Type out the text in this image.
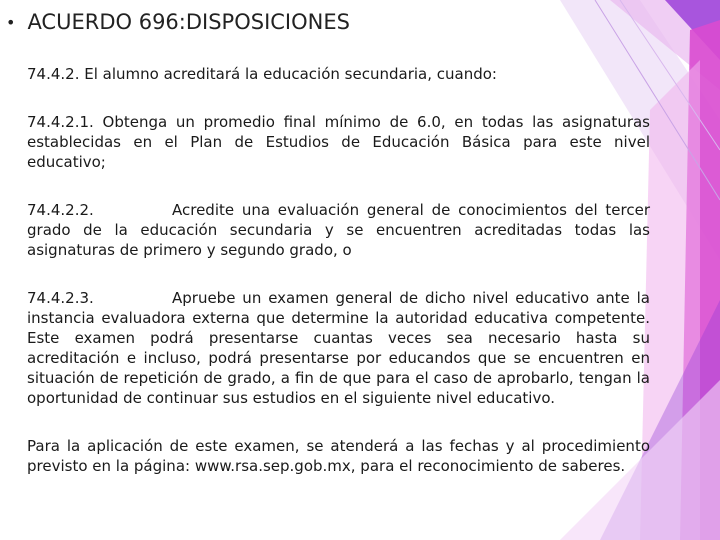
• ACUERDO 696:DISPOSICIONES

74.4.2. El alumno acreditará la educación secundaria, cuando:

74.4.2.1. Obtenga un promedio final mínimo de 6.0, en todas las asignaturas establecidas en el Plan de Estudios de Educación Básica para este nivel educativo;

74.4.2.2.	Acredite una evaluación general de conocimientos del tercer grado de la educación secundaria y se encuentren acreditadas todas las asignaturas de primero y segundo grado, o

74.4.2.3.	Apruebe un examen general de dicho nivel educativo ante la instancia evaluadora externa que determine la autoridad educativa competente. Este examen podrá presentarse cuantas veces sea necesario hasta su acreditación e incluso, podrá presentarse por educandos que se encuentren en situación de repetición de grado, a fin de que para el caso de aprobarlo, tengan la oportunidad de continuar sus estudios en el siguiente nivel educativo.

Para la aplicación de este examen, se atenderá a las fechas y al procedimiento previsto en la página: www.rsa.sep.gob.mx, para el reconocimiento de saberes.
